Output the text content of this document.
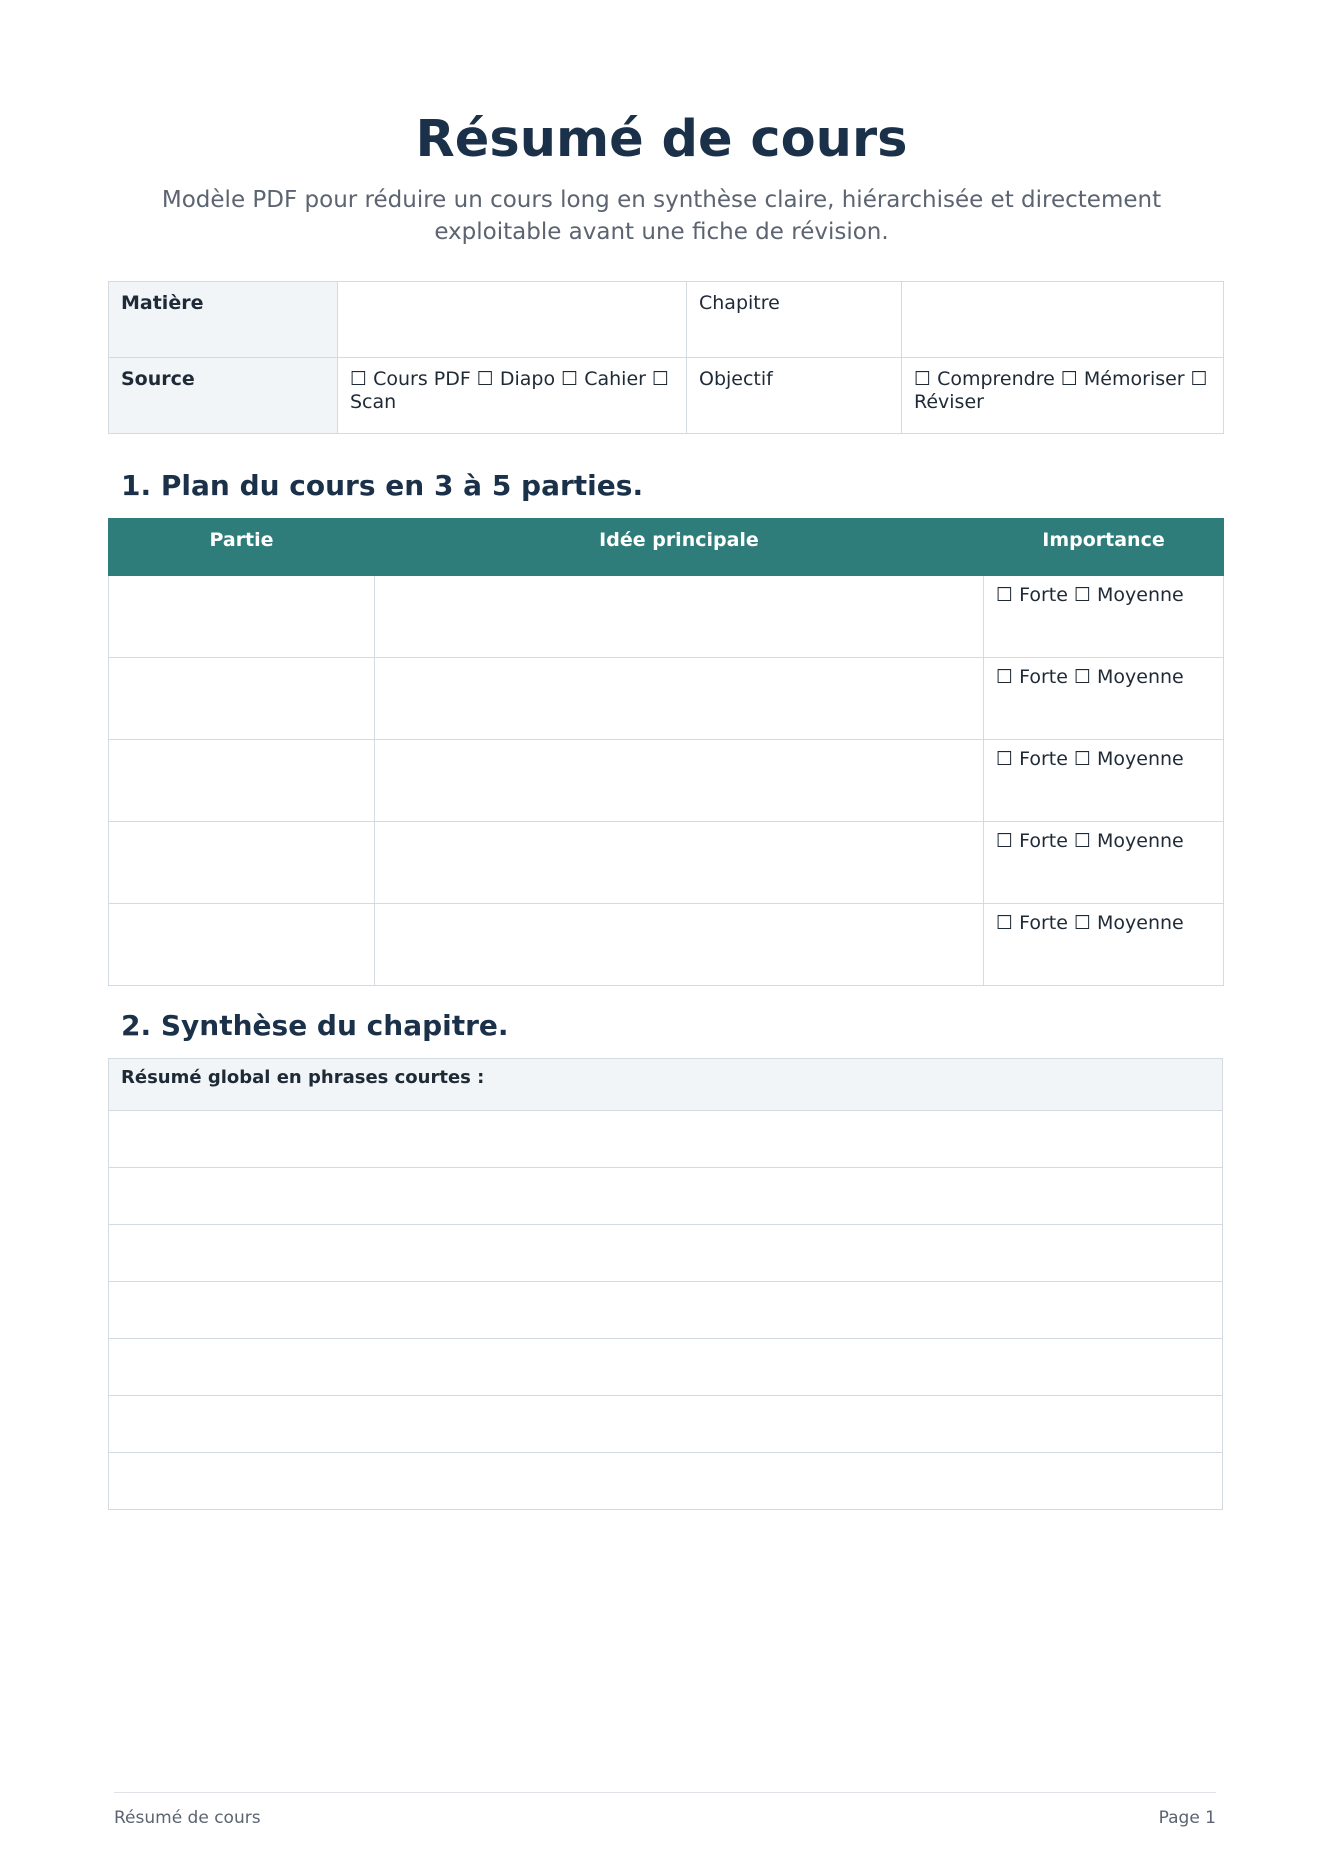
Résumé de cours

Modèle PDF pour réduire un cours long en synthèse claire, hiérarchisée et directement exploitable avant une fiche de révision.

Matière		Chapitre	
Source	☐ Cours PDF ☐ Diapo ☐ Cahier ☐ Scan	Objectif	☐ Comprendre ☐ Mémoriser ☐ Réviser
1. Plan du cours en 3 à 5 parties.
Partie	Idée principale	Importance
		☐ Forte ☐ Moyenne
		☐ Forte ☐ Moyenne
		☐ Forte ☐ Moyenne
		☐ Forte ☐ Moyenne
		☐ Forte ☐ Moyenne
2. Synthèse du chapitre.
Résumé global en phrases courtes :

Résumé de cours	Page 1
